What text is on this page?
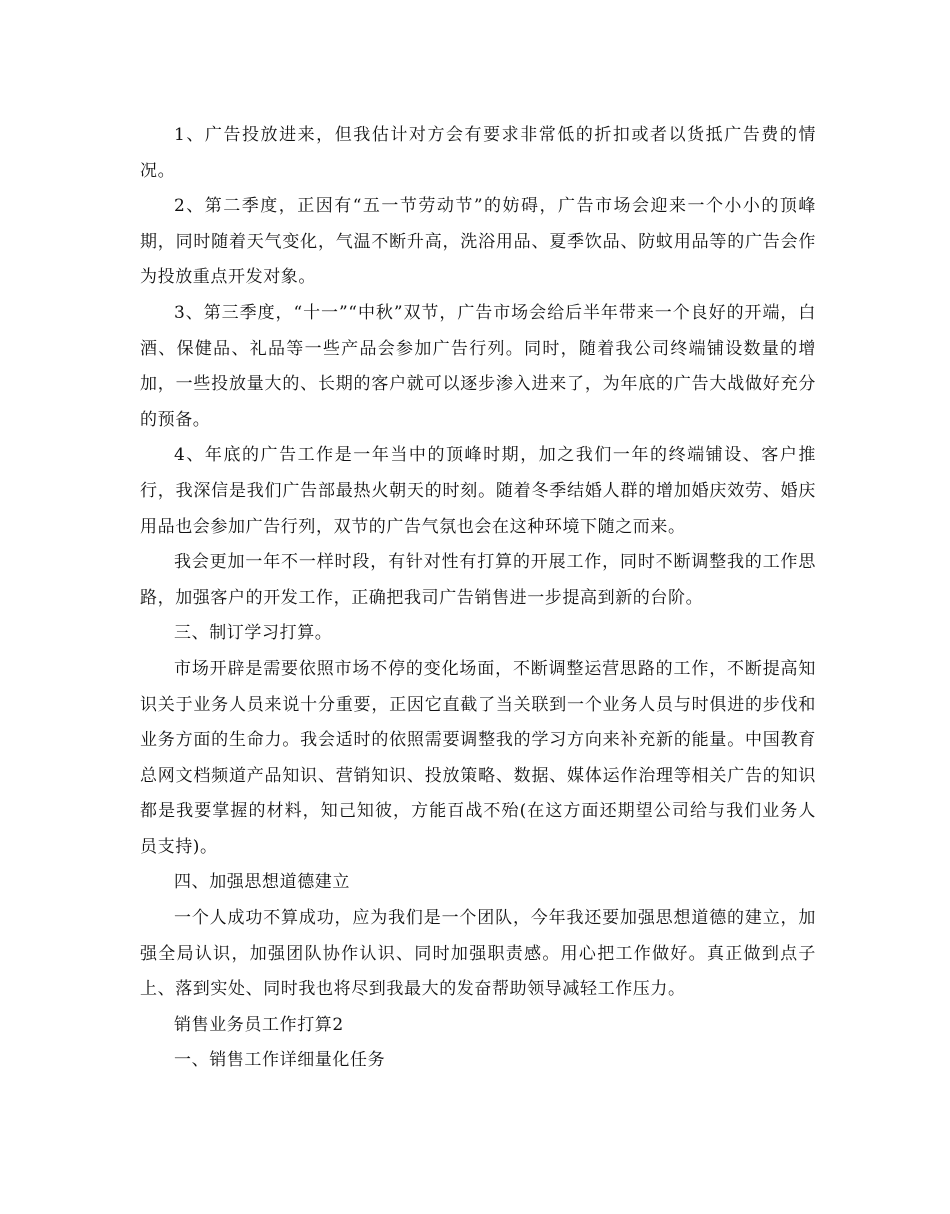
1、广告投放进来，但我估计对方会有要求非常低的折扣或者以货抵广告费的情况。

2、第二季度，正因有“五一节劳动节”的妨碍，广告市场会迎来一个小小的顶峰期，同时随着天气变化，气温不断升高，洗浴用品、夏季饮品、防蚊用品等的广告会作为投放重点开发对象。

3、第三季度，“十一”“中秋”双节，广告市场会给后半年带来一个良好的开端，白酒、保健品、礼品等一些产品会参加广告行列。同时，随着我公司终端铺设数量的增加，一些投放量大的、长期的客户就可以逐步渗入进来了，为年底的广告大战做好充分的预备。

4、年底的广告工作是一年当中的顶峰时期，加之我们一年的终端铺设、客户推行，我深信是我们广告部最热火朝天的时刻。随着冬季结婚人群的增加婚庆效劳、婚庆用品也会参加广告行列，双节的广告气氛也会在这种环境下随之而来。

我会更加一年不一样时段，有针对性有打算的开展工作，同时不断调整我的工作思路，加强客户的开发工作，正确把我司广告销售进一步提高到新的台阶。

三、制订学习打算。

市场开辟是需要依照市场不停的变化场面，不断调整运营思路的工作，不断提高知识关于业务人员来说十分重要，正因它直截了当关联到一个业务人员与时俱进的步伐和业务方面的生命力。我会适时的依照需要调整我的学习方向来补充新的能量。中国教育总网文档频道产品知识、营销知识、投放策略、数据、媒体运作治理等相关广告的知识都是我要掌握的材料，知己知彼，方能百战不殆(在这方面还期望公司给与我们业务人员支持)。

四、加强思想道德建立

一个人成功不算成功，应为我们是一个团队，今年我还要加强思想道德的建立，加强全局认识，加强团队协作认识、同时加强职责感。用心把工作做好。真正做到点子上、落到实处、同时我也将尽到我最大的发奋帮助领导减轻工作压力。

销售业务员工作打算2

一、销售工作详细量化任务
